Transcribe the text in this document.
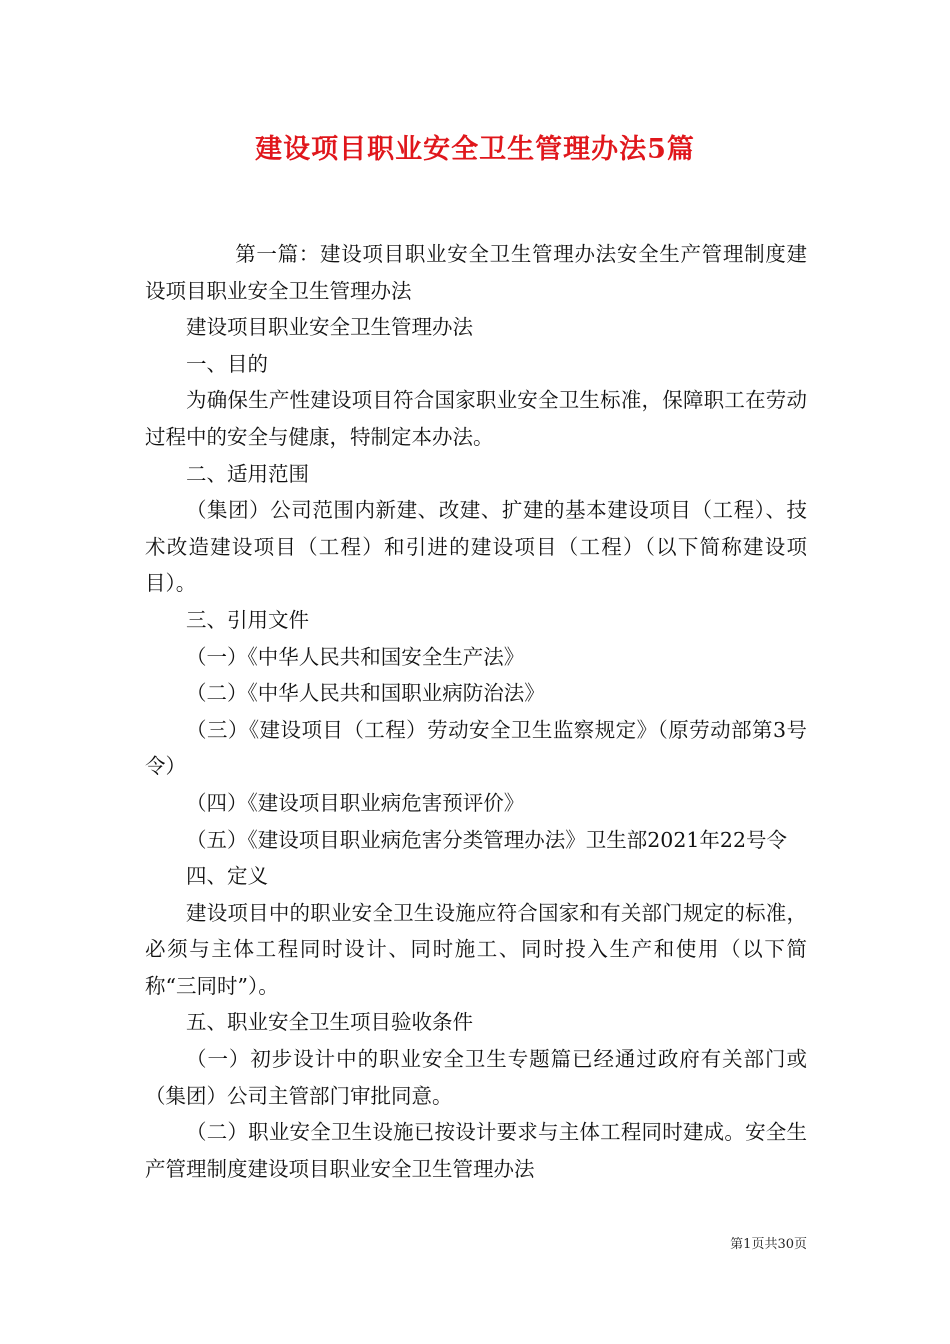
建设项目职业安全卫生管理办法5篇

第一篇：建设项目职业安全卫生管理办法安全生产管理制度建设项目职业安全卫生管理办法

建设项目职业安全卫生管理办法

一、目的

为确保生产性建设项目符合国家职业安全卫生标准，保障职工在劳动过程中的安全与健康，特制定本办法。

二、适用范围

（集团）公司范围内新建、改建、扩建的基本建设项目（工程）、技术改造建设项目（工程）和引进的建设项目（工程）（以下简称建设项目）。

三、引用文件

（一）《中华人民共和国安全生产法》

（二）《中华人民共和国职业病防治法》

（三）《建设项目（工程）劳动安全卫生监察规定》（原劳动部第3号令）

（四）《建设项目职业病危害预评价》

（五）《建设项目职业病危害分类管理办法》卫生部2021年22号令

四、定义

建设项目中的职业安全卫生设施应符合国家和有关部门规定的标准，必须与主体工程同时设计、同时施工、同时投入生产和使用（以下简称“三同时”）。

五、职业安全卫生项目验收条件

（一）初步设计中的职业安全卫生专题篇已经通过政府有关部门或（集团）公司主管部门审批同意。

（二）职业安全卫生设施已按设计要求与主体工程同时建成。安全生产管理制度建设项目职业安全卫生管理办法

第1页共30页
